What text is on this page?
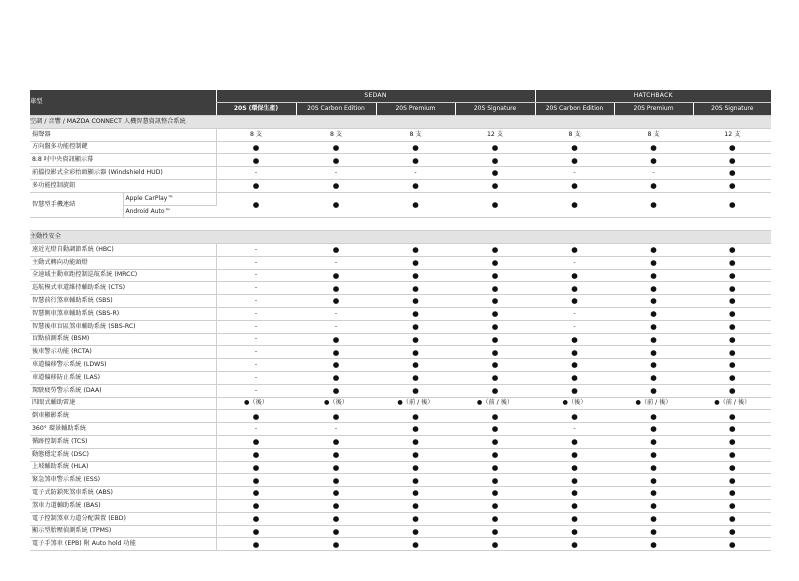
車型		SEDAN				HATCHBACK		
		20S (環保生產)	20S Carbon Edition	20S Premium	20S Signature	20S Carbon Edition	20S Premium	20S Signature
空調 / 音響 / MAZDA CONNECT 人機智慧資訊整合系統								
揚聲器		8 支	8 支	8 支	12 支	8 支	8 支	12 支
方向盤多功能控制鍵		●	●	●	●	●	●	●
8.8 吋中央資訊顯示幕		●	●	●	●	●	●	●
前擋投影式全彩抬頭顯示器 (Windshield HUD)		-	-	-	●	-	-	●
多功能控制旋鈕		●	●	●	●	●	●	●
智慧型手機連結	Apple CarPlay™	●	●	●	●	●	●	●
	Android Auto™							

主動性安全								
遠近光燈自動調節系統 (HBC)		-	●	●	●	●	●	●
主動式轉向功能頭燈		-	-	●	●	-	●	●
全速域主動車距控制巡航系統 (MRCC)		-	●	●	●	●	●	●
巡航模式車道維持輔助系統 (CTS)		-	●	●	●	●	●	●
智慧前行煞車輔助系統 (SBS)		-	●	●	●	●	●	●
智慧側車煞車輔助系統 (SBS-R)		-	-	●	●	-	●	●
智慧後車盲區煞車輔助系統 (SBS-RC)		-	-	●	●	-	●	●
盲點偵測系統 (BSM)		-	●	●	●	●	●	●
後車警示功能 (RCTA)		-	●	●	●	●	●	●
車道偏移警示系統 (LDWS)		-	●	●	●	●	●	●
車道偏移防止系統 (LAS)		-	●	●	●	●	●	●
駕駛疲勞警示系統 (DAA)		-	●	●	●	●	●	●
四眼式輔助雷達		●（後）	●（後）	●（前 / 後）	●（前 / 後）	●（後）	●（前 / 後）	●（前 / 後）
倒車顯影系統		●	●	●	●	●	●	●
360° 環景輔助系統		-	-	●	●	-	●	●
循跡控制系統 (TCS)		●	●	●	●	●	●	●
動態穩定系統 (DSC)		●	●	●	●	●	●	●
上坡輔助系統 (HLA)		●	●	●	●	●	●	●
緊急煞車警示系統 (ESS)		●	●	●	●	●	●	●
電子式防鎖死煞車系統 (ABS)		●	●	●	●	●	●	●
煞車力道輔助系統 (BAS)		●	●	●	●	●	●	●
電子控制煞車力道分配裝置 (EBD)		●	●	●	●	●	●	●
顯示型胎壓偵測系統 (TPMS)		●	●	●	●	●	●	●
電子手煞車 (EPB) 附 Auto hold 功能		●	●	●	●	●	●	●
